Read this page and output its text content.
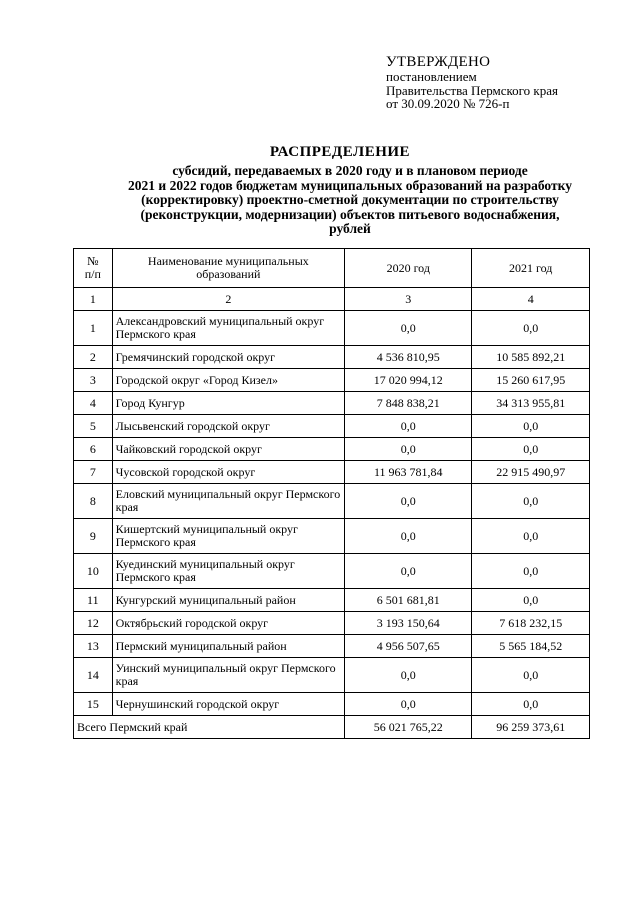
УТВЕРЖДЕНО
постановлением
Правительства Пермского края
от 30.09.2020 № 726-п
РАСПРЕДЕЛЕНИЕ
субсидий, передаваемых в 2020 году и в плановом периоде
2021 и 2022 годов бюджетам муниципальных образований на разработку
(корректировку) проектно-сметной документации по строительству
(реконструкции, модернизации) объектов питьевого водоснабжения,
рублей
№
п/п	Наименование муниципальных образований	2020 год	2021 год
1	2	3	4
1	Александровский муниципальный округ Пермского края	0,0	0,0
2	Гремячинский городской округ	4 536 810,95	10 585 892,21
3	Городской округ «Город Кизел»	17 020 994,12	15 260 617,95
4	Город Кунгур	7 848 838,21	34 313 955,81
5	Лысьвенский городской округ	0,0	0,0
6	Чайковский городской округ	0,0	0,0
7	Чусовской городской округ	11 963 781,84	22 915 490,97
8	Еловский муниципальный округ Пермского края	0,0	0,0
9	Кишертский муниципальный округ Пермского края	0,0	0,0
10	Куединский муниципальный округ Пермского края	0,0	0,0
11	Кунгурский муниципальный район	6 501 681,81	0,0
12	Октябрьский городской округ	3 193 150,64	7 618 232,15
13	Пермский муниципальный район	4 956 507,65	5 565 184,52
14	Уинский муниципальный округ Пермского края	0,0	0,0
15	Чернушинский городской округ	0,0	0,0
Всего Пермский край		56 021 765,22	96 259 373,61
